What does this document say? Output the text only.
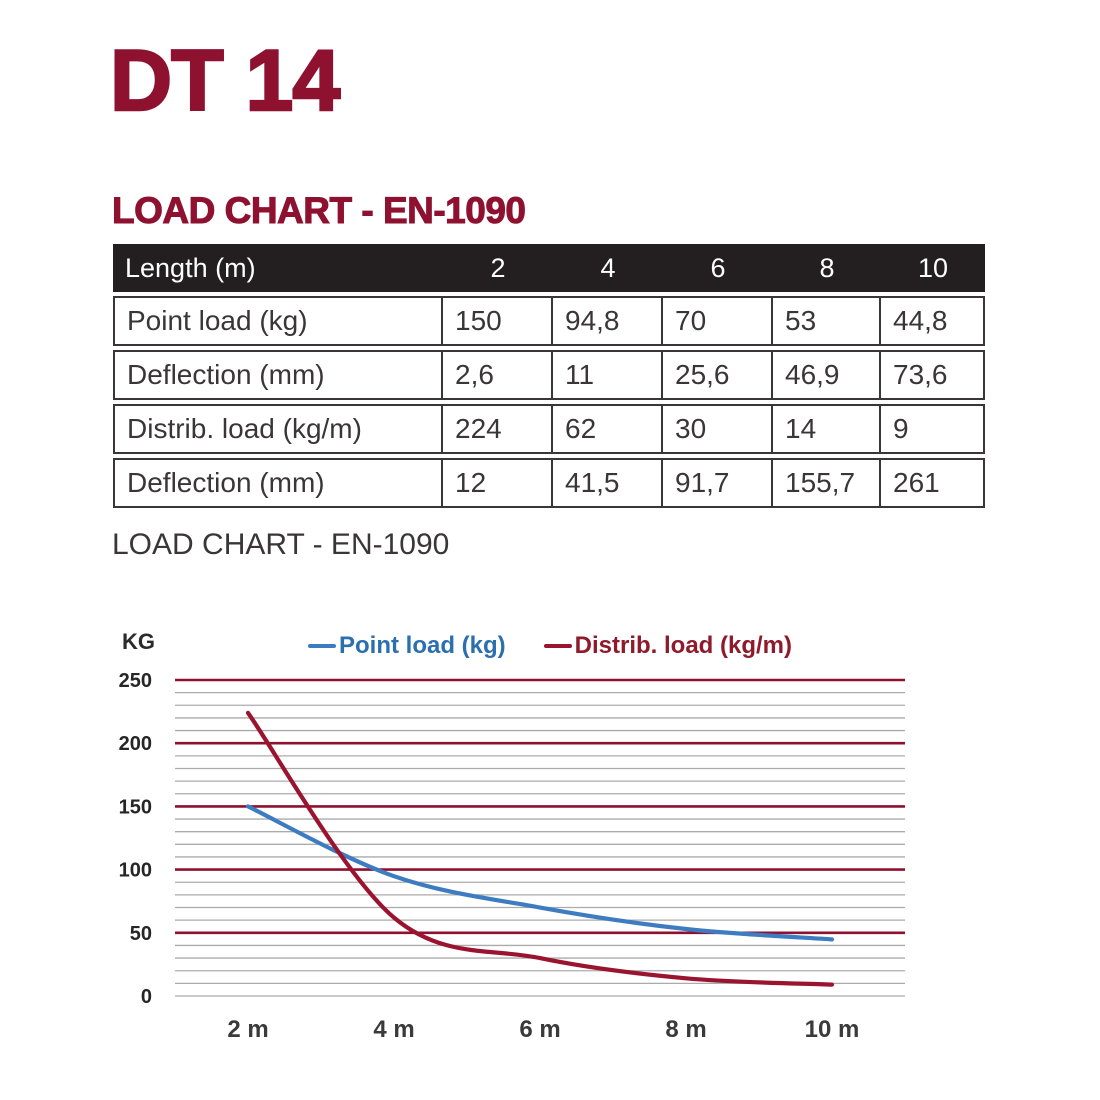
DT 14
LOAD CHART - EN-1090
Length (m)	2	4	6	8	10
Point load (kg)	150	94,8	70	53	44,8
Deflection (mm)	2,6	11	25,6	46,9	73,6
Distrib. load (kg/m)	224	62	30	14	9
Deflection (mm)	12	41,5	91,7	155,7	261
LOAD CHART - EN-1090
KG	Point load (kg)	Distrib. load (kg/m)
0
50
100
150
200
250
2 m	4 m	6 m	8 m	10 m
